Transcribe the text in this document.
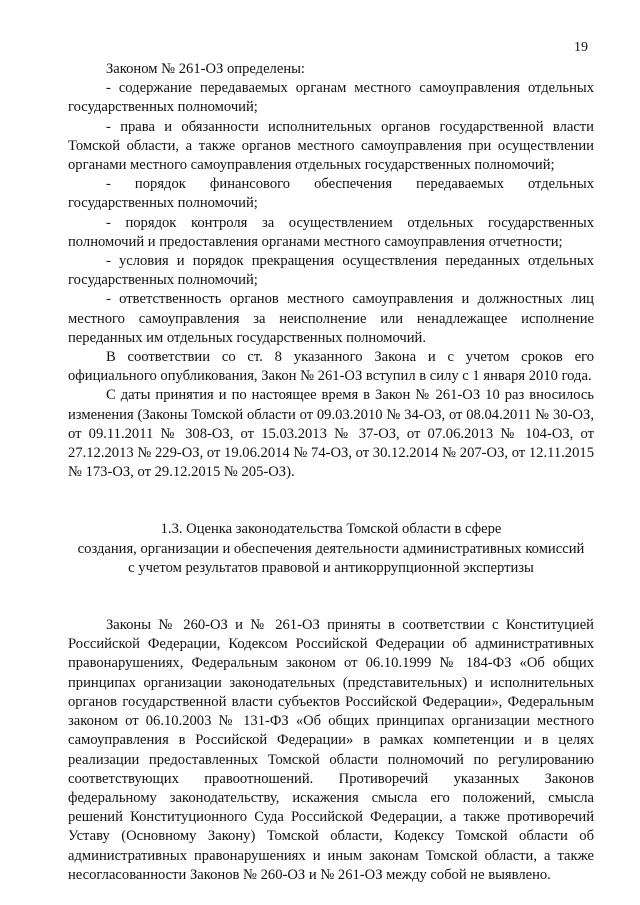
19

Законом № 261-ОЗ определены:

- содержание передаваемых органам местного самоуправления отдельных государственных полномочий;

- права и обязанности исполнительных органов государственной власти Томской области, а также органов местного самоуправления при осуществлении органами местного самоуправления отдельных государственных полномочий;

- порядок финансового обеспечения передаваемых отдельных государственных полномочий;

- порядок контроля за осуществлением отдельных государственных полномочий и предоставления органами местного самоуправления отчетности;

- условия и порядок прекращения осуществления переданных отдельных государственных полномочий;

- ответственность органов местного самоуправления и должностных лиц местного самоуправления за неисполнение или ненадлежащее исполнение переданных им отдельных государственных полномочий.

В соответствии со ст. 8 указанного Закона и с учетом сроков его официального опубликования, Закон № 261-ОЗ вступил в силу с 1 января 2010 года.

С даты принятия и по настоящее время в Закон № 261-ОЗ 10 раз вносилось изменения (Законы Томской области от 09.03.2010 № 34-ОЗ, от 08.04.2011 № 30-ОЗ, от 09.11.2011 № 308-ОЗ, от 15.03.2013 № 37-ОЗ, от 07.06.2013 № 104-ОЗ, от 27.12.2013 № 229-ОЗ, от 19.06.2014 № 74-ОЗ, от 30.12.2014 № 207-ОЗ, от 12.11.2015 № 173-ОЗ, от 29.12.2015 № 205-ОЗ).

1.3. Оценка законодательства Томской области в сфере
создания, организации и обеспечения деятельности административных комиссий
с учетом результатов правовой и антикоррупционной экспертизы

Законы № 260-ОЗ и № 261-ОЗ приняты в соответствии с Конституцией Российской Федерации, Кодексом Российской Федерации об административных правонарушениях, Федеральным законом от 06.10.1999 № 184-ФЗ «Об общих принципах организации законодательных (представительных) и исполнительных органов государственной власти субъектов Российской Федерации», Федеральным законом от 06.10.2003 № 131-ФЗ «Об общих принципах организации местного самоуправления в Российской Федерации» в рамках компетенции и в целях реализации предоставленных Томской области полномочий по регулированию соответствующих правоотношений. Противоречий указанных Законов федеральному законодательству, искажения смысла его положений, смысла решений Конституционного Суда Российской Федерации, а также противоречий Уставу (Основному Закону) Томской области, Кодексу Томской области об административных правонарушениях и иным законам Томской области, а также несогласованности Законов № 260-ОЗ и № 261-ОЗ между собой не выявлено.
